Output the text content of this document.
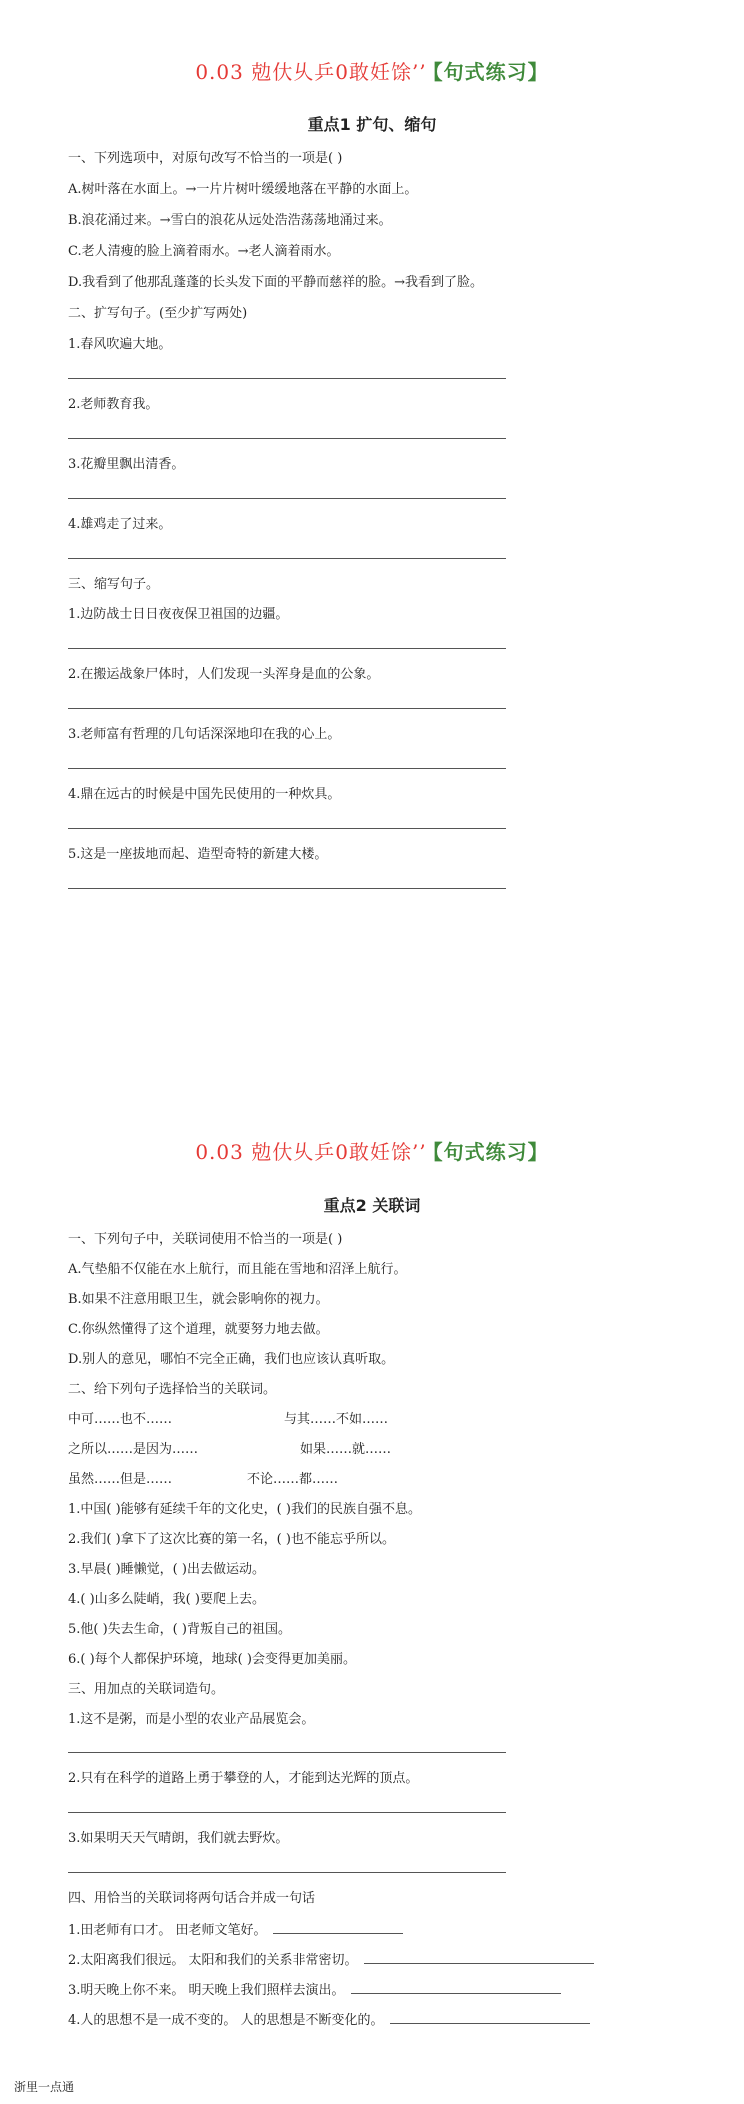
0.03 勊㐲乆乒0敢妊馀’’ 【句式练习】
重点1 扩句、缩句
一、下列选项中，对原句改写不恰当的一项是( )
A.树叶落在水面上。→一片片树叶缓缓地落在平静的水面上。
B.浪花涌过来。→雪白的浪花从远处浩浩荡荡地涌过来。
C.老人清瘦的脸上滴着雨水。→老人滴着雨水。
D.我看到了他那乱蓬蓬的长头发下面的平静而慈祥的脸。→我看到了脸。
二、扩写句子。(至少扩写两处)
1.春风吹遍大地。
2.老师教育我。
3.花瓣里飘出清香。
4.雄鸡走了过来。
三、缩写句子。
1.边防战士日日夜夜保卫祖国的边疆。
2.在搬运战象尸体时，人们发现一头浑身是血的公象。
3.老师富有哲理的几句话深深地印在我的心上。
4.鼎在远古的时候是中国先民使用的一种炊具。
5.这是一座拔地而起、造型奇特的新建大楼。
0.03 勊㐲乆乒0敢妊馀’’ 【句式练习】
重点2 关联词
一、下列句子中，关联词使用不恰当的一项是( )
A.气垫船不仅能在水上航行，而且能在雪地和沼泽上航行。
B.如果不注意用眼卫生，就会影响你的视力。
C.你纵然懂得了这个道理，就要努力地去做。
D.别人的意见，哪怕不完全正确，我们也应该认真听取。
二、给下列句子选择恰当的关联词。
中可……也不……	与其……不如……
之所以……是因为……	如果……就……
虽然……但是……	不论……都……
1.中国( )能够有延续千年的文化史，( )我们的民族自强不息。
2.我们( )拿下了这次比赛的第一名，( )也不能忘乎所以。
3.早晨( )睡懒觉，( )出去做运动。
4.( )山多么陡峭，我( )要爬上去。
5.他( )失去生命，( )背叛自己的祖国。
6.( )每个人都保护环境，地球( )会变得更加美丽。
三、用加点的关联词造句。
1.这不是粥，而是小型的农业产品展览会。
2.只有在科学的道路上勇于攀登的人，才能到达光辉的顶点。
3.如果明天天气晴朗，我们就去野炊。
四、用恰当的关联词将两句话合并成一句话
1.田老师有口才。 田老师文笔好。
2.太阳离我们很远。 太阳和我们的关系非常密切。
3.明天晚上你不来。 明天晚上我们照样去演出。
4.人的思想不是一成不变的。 人的思想是不断变化的。
浙里一点通
